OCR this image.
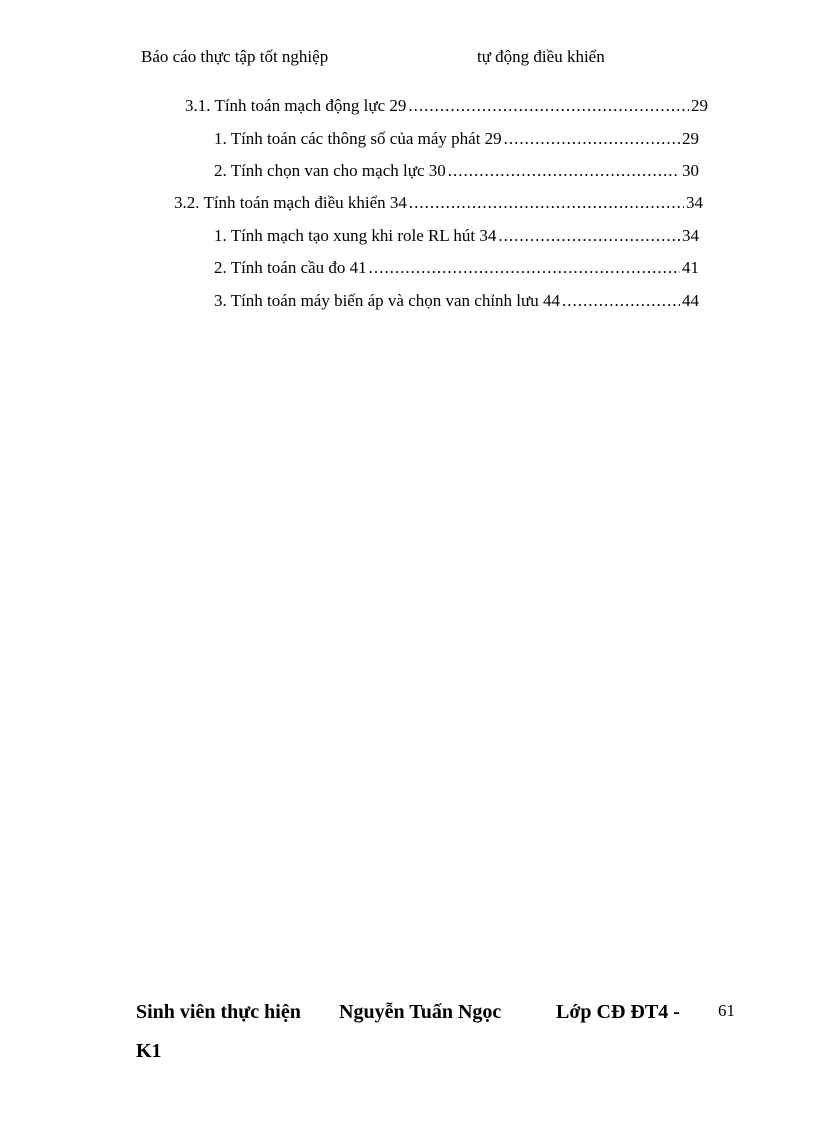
Báo cáo thực tập tốt nghiệp	tự động điều khiển
3.1. Tính toán mạch động lực 29 .....	29
1. Tính toán các thông số của máy phát 29 .....	29
2. Tính chọn van cho mạch lực 30 .....	30
3.2. Tính toán mạch điều khiển 34 .....	34
1. Tính mạch tạo xung khi role RL hút 34 .....	34
2. Tính toán cầu đo 41 .....	41
3. Tính toán máy biến áp và chọn van chỉnh lưu 44 .....	44
Sinh viên thực hiện Nguyễn Tuấn Ngọc	Lớp CĐ ĐT4 -
K1
61
